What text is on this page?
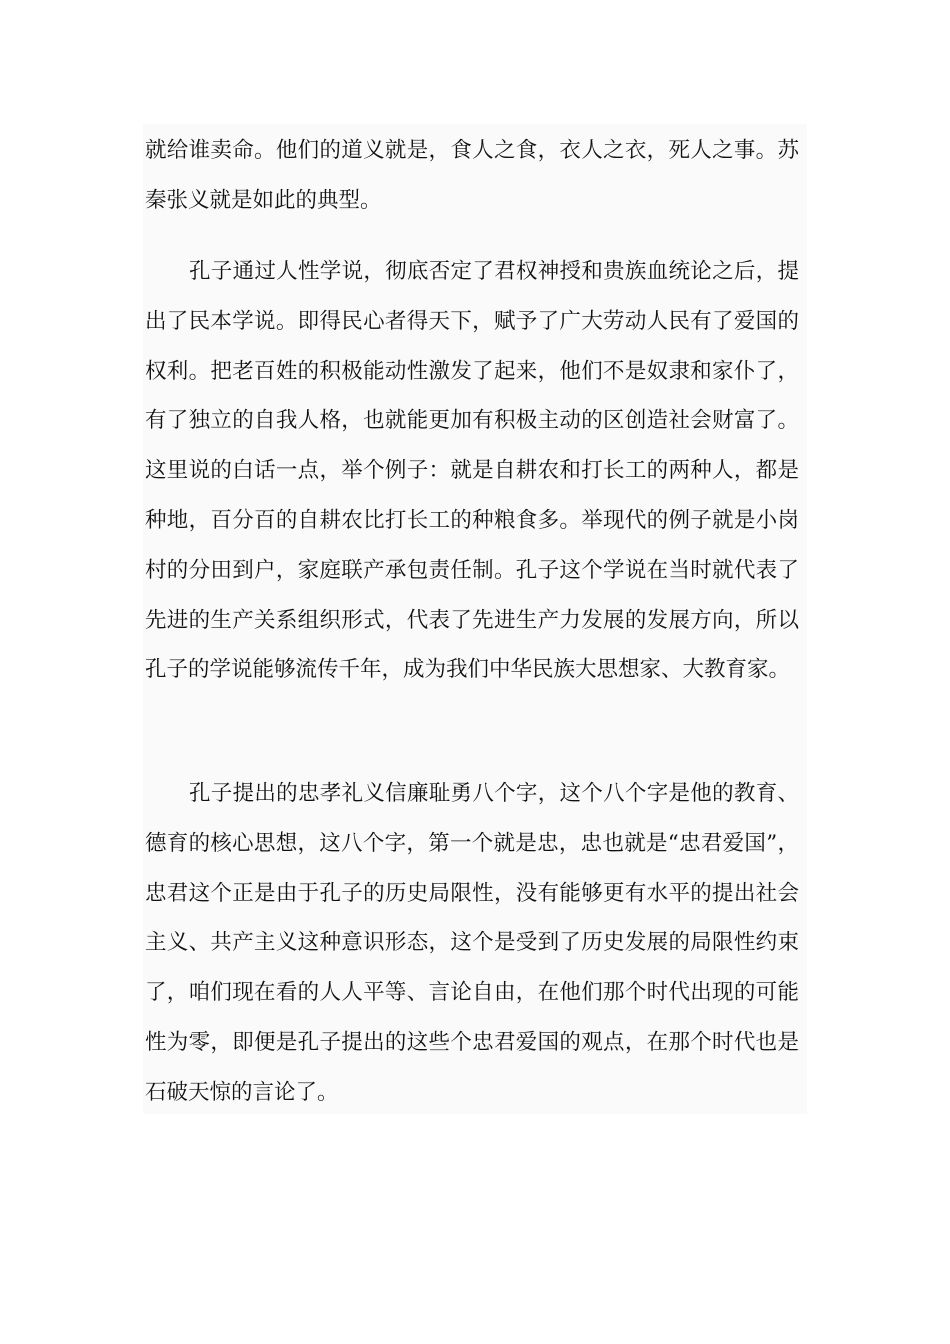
就给谁卖命。他们的道义就是，食人之食，衣人之衣，死人之事。苏秦张义就是如此的典型。

孔子通过人性学说，彻底否定了君权神授和贵族血统论之后，提出了民本学说。即得民心者得天下，赋予了广大劳动人民有了爱国的权利。把老百姓的积极能动性激发了起来，他们不是奴隶和家仆了，有了独立的自我人格，也就能更加有积极主动的区创造社会财富了。这里说的白话一点，举个例子：就是自耕农和打长工的两种人，都是种地，百分百的自耕农比打长工的种粮食多。举现代的例子就是小岗村的分田到户，家庭联产承包责任制。孔子这个学说在当时就代表了先进的生产关系组织形式，代表了先进生产力发展的发展方向，所以孔子的学说能够流传千年，成为我们中华民族大思想家、大教育家。

孔子提出的忠孝礼义信廉耻勇八个字，这个八个字是他的教育、德育的核心思想，这八个字，第一个就是忠，忠也就是“忠君爱国”，忠君这个正是由于孔子的历史局限性，没有能够更有水平的提出社会主义、共产主义这种意识形态，这个是受到了历史发展的局限性约束了，咱们现在看的人人平等、言论自由，在他们那个时代出现的可能性为零，即便是孔子提出的这些个忠君爱国的观点，在那个时代也是石破天惊的言论了。
